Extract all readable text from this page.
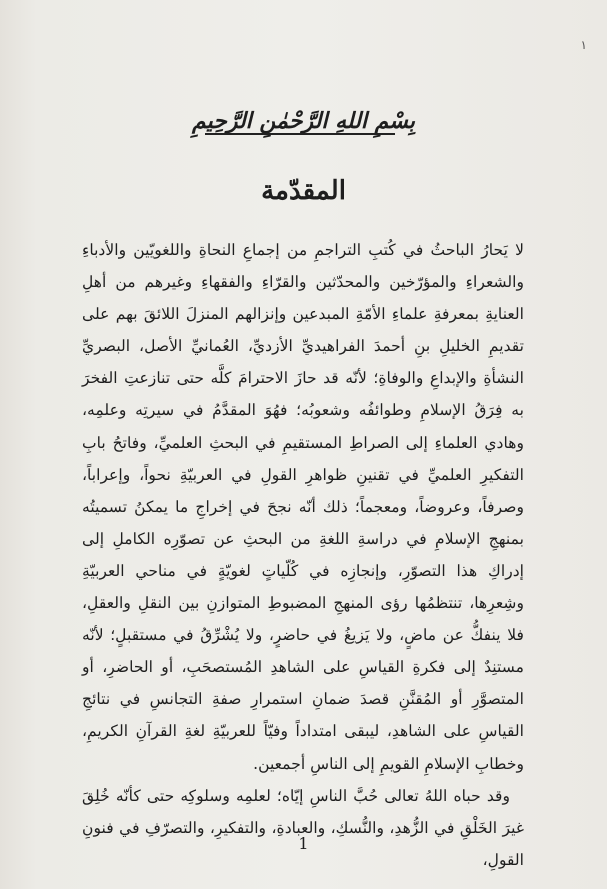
١
بِسْمِ اللهِ الرَّحْمٰنِ الرَّحِيمِ
المقدّمة

لا يَحارُ الباحثُ في كُتبِ التراجمِ من إجماعِ النحاةِ واللغويّين والأدباءِ والشعراءِ والمؤرّخين والمحدّثين والقرّاءِ والفقهاءِ وغيرهم من أهلِ العنايةِ بمعرفةِ علماءِ الأمّةِ المبدعين وإنزالهم المنزلَ اللائقَ بهم على تقديمِ الخليلِ بنِ أحمدَ الفراهيديِّ الأزديِّ، العُمانيِّ الأصل، البصريِّ النشأةِ والإبداعِ والوفاةِ؛ لأنّه قد حازَ الاحترامَ كلَّه حتى تنازعتِ الفخرَ به فِرَقُ الإسلامِ وطوائفُه وشعوبُه؛ فهُوَ المقدَّمُ في سيرتِه وعلمِه، وهادي العلماءِ إلى الصراطِ المستقيمِ في البحثِ العلميِّ، وفاتحُ بابِ التفكيرِ العلميِّ في تقنينِ ظواهرِ القولِ في العربيّةِ نحواً، وإعراباً، وصرفاً، وعروضاً، ومعجماً؛ ذلك أنّه نجحَ في إخراجِ ما يمكنُ تسميتُه بمنهجِ الإسلامِ في دراسةِ اللغةِ من البحثِ عن تصوّرِه الكاملِ إلى إدراكِ هذا التصوّرِ، وإنجازِه في كُلّياتٍ لغويّةٍ في مناحي العربيّةِ وشِعرِها، تنتظمُها رؤى المنهجِ المضبوطِ المتوازنِ بين النقلِ والعقلِ، فلا ينفكُّ عن ماضٍ، ولا يَزيغُ في حاضرٍ، ولا يُشْرِّقُ في مستقبلٍ؛ لأنّه مستنِدٌ إلى فكرةِ القياسِ على الشاهدِ المُستصحَبِ، أو الحاضرِ، أو المتصوَّرِ أو المُقنَّنِ قصدَ ضمانِ استمرارِ صفةِ التجانسِ في نتائجِ القياسِ على الشاهدِ، ليبقى امتداداً وفيّاً للعربيّةِ لغةِ القرآنِ الكريمِ، وخطابِ الإسلامِ القويمِ إلى الناسِ أجمعين.

وقد حباه اللهُ تعالى حُبَّ الناسِ إيّاه؛ لعلمِه وسلوكِه حتى كأنّه خُلِقَ غيرَ الخَلْقِ في الزُّهدِ، والنُّسكِ، والعبادةِ، والتفكيرِ، والتصرّفِ في فنونِ القولِ،

1
